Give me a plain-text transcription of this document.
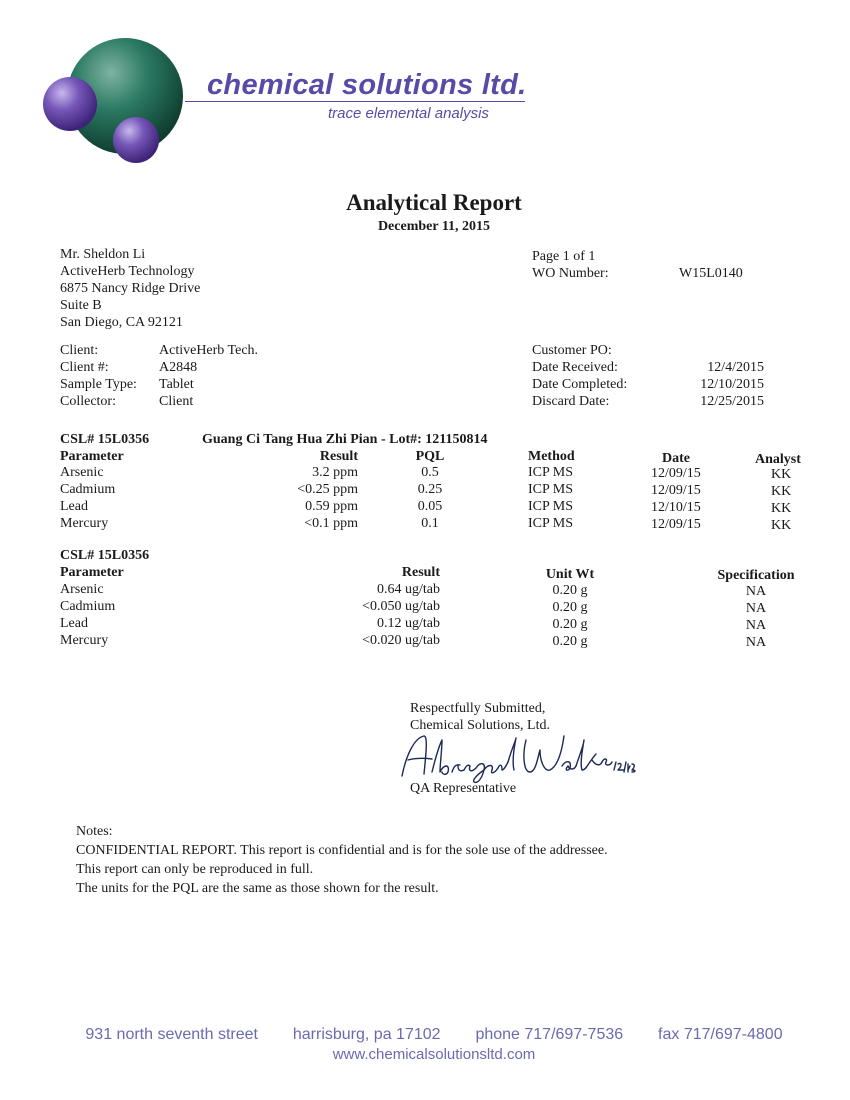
chemical solutions ltd.
trace elemental analysis
Analytical Report
December 11, 2015
Mr. Sheldon Li
ActiveHerb Technology
6875 Nancy Ridge Drive
Suite B
San Diego, CA 92121
Page 1 of 1
WO Number:	W15L0140
Client:	ActiveHerb Tech.
Client #:	A2848
Sample Type: Tablet
Collector:	Client
Customer PO:
Date Received:	12/4/2015
Date Completed:	12/10/2015
Discard Date:	12/25/2015
CSL# 15L0356	Guang Ci Tang Hua Zhi Pian - Lot#: 121150814
Parameter	Result	PQL	Method	Date	Analyst
Arsenic	3.2 ppm	0.5	ICP MS	12/09/15	KK
Cadmium	<0.25 ppm	0.25	ICP MS	12/09/15	KK
Lead	0.59 ppm	0.05	ICP MS	12/10/15	KK
Mercury	<0.1 ppm	0.1	ICP MS	12/09/15	KK
CSL# 15L0356
Parameter	Result	Unit Wt	Specification
Arsenic	0.64 ug/tab	0.20 g	NA
Cadmium	<0.050 ug/tab	0.20 g	NA
Lead	0.12 ug/tab	0.20 g	NA
Mercury	<0.020 ug/tab	0.20 g	NA
Respectfully Submitted,
Chemical Solutions, Ltd.
QA Representative
Notes:
CONFIDENTIAL REPORT. This report is confidential and is for the sole use of the addressee.
This report can only be reproduced in full.
The units for the PQL are the same as those shown for the result.
931 north seventh street harrisburg, pa 17102 phone 717/697-7536 fax 717/697-4800
www.chemicalsolutionsltd.com
